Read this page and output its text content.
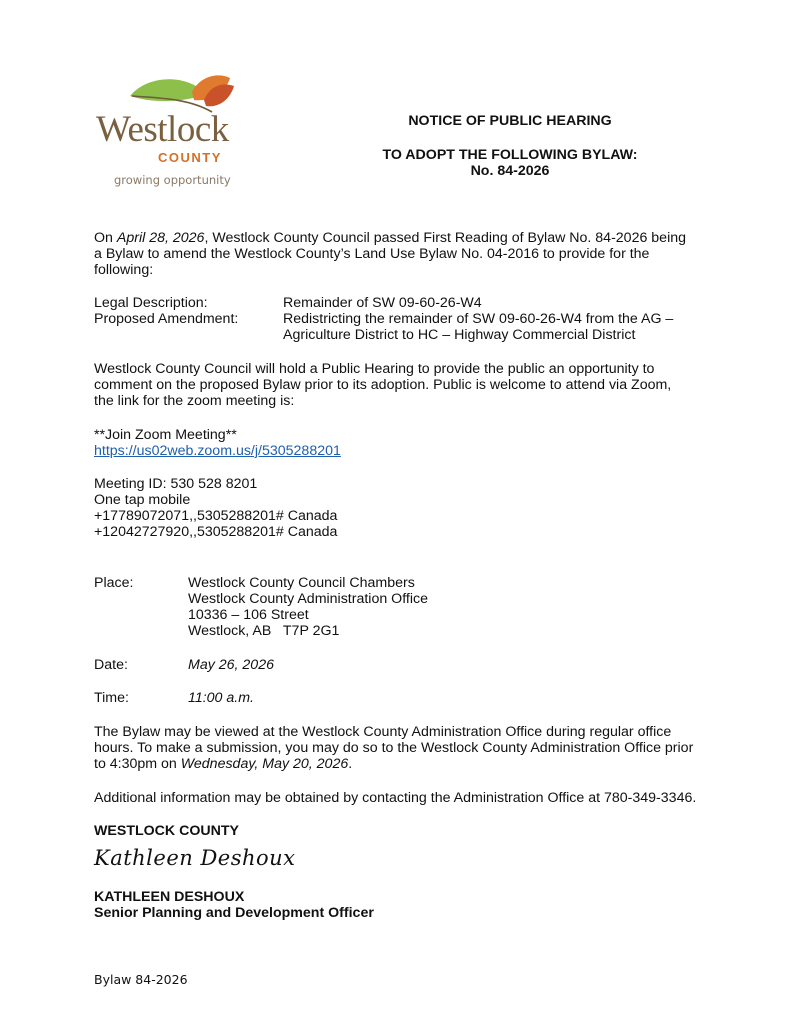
Westlock
COUNTY
growing opportunity
NOTICE OF PUBLIC HEARING
TO ADOPT THE FOLLOWING BYLAW:
No. 84-2026
On April 28, 2026, Westlock County Council passed First Reading of Bylaw No. 84-2026 being
a Bylaw to amend the Westlock County’s Land Use Bylaw No. 04-2016 to provide for the
following:
Legal Description:	Remainder of SW 09-60-26-W4
Proposed Amendment:	Redistricting the remainder of SW 09-60-26-W4 from the AG –
Agriculture District to HC – Highway Commercial District
Westlock County Council will hold a Public Hearing to provide the public an opportunity to
comment on the proposed Bylaw prior to its adoption. Public is welcome to attend via Zoom,
the link for the zoom meeting is:
**Join Zoom Meeting**
https://us02web.zoom.us/j/5305288201
Meeting ID: 530 528 8201
One tap mobile
+17789072071,,5305288201# Canada
+12042727920,,5305288201# Canada
Place:	Westlock County Council Chambers
Westlock County Administration Office
10336 – 106 Street
Westlock, AB   T7P 2G1
Date:	May 26, 2026
Time:	11:00 a.m.
The Bylaw may be viewed at the Westlock County Administration Office during regular office
hours. To make a submission, you may do so to the Westlock County Administration Office prior
to 4:30pm on Wednesday, May 20, 2026.
Additional information may be obtained by contacting the Administration Office at 780-349-3346.
WESTLOCK COUNTY
Kathleen Deshoux
KATHLEEN DESHOUX
Senior Planning and Development Officer
Bylaw 84-2026
